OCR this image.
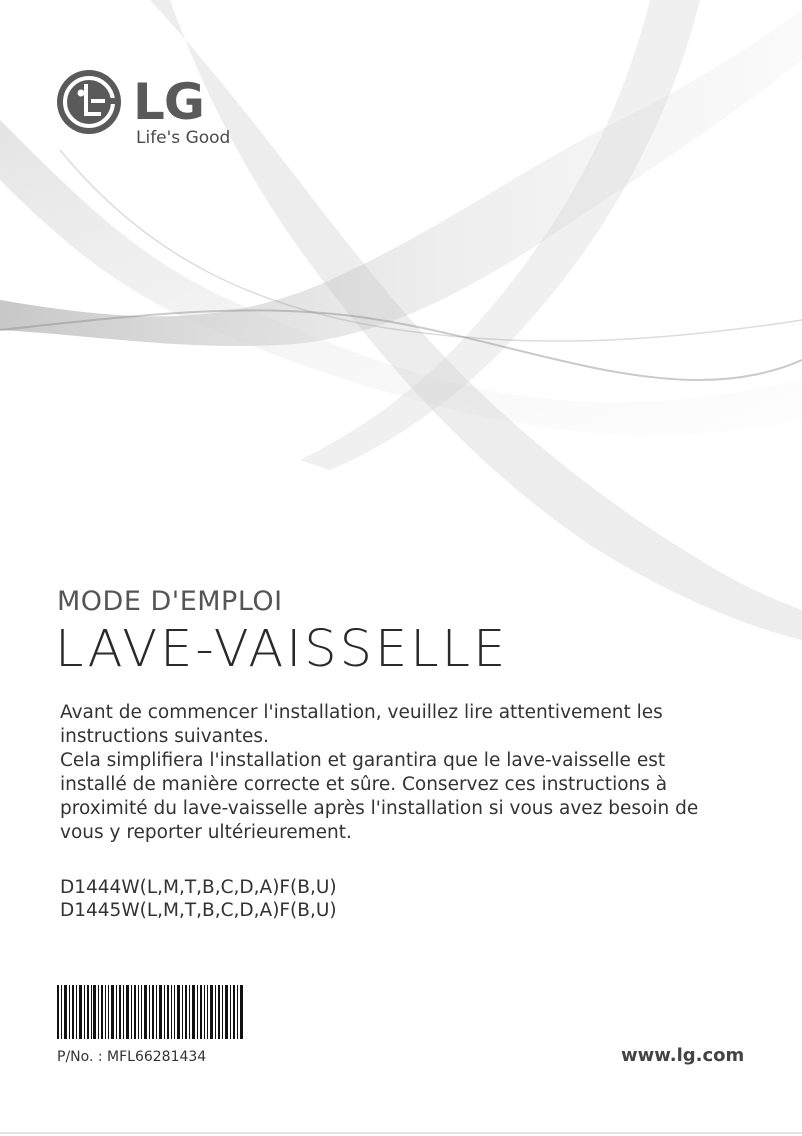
LG
Life's Good
MODE D'EMPLOI
LAVE-VAISSELLE

Avant de commencer l'installation, veuillez lire attentivement les instructions suivantes.

Cela simplifiera l'installation et garantira que le lave-vaisselle est installé de manière correcte et sûre. Conservez ces instructions à proximité du lave-vaisselle après l'installation si vous avez besoin de vous y reporter ultérieurement.

D1444W(L,M,T,B,C,D,A)F(B,U)
D1445W(L,M,T,B,C,D,A)F(B,U)
P/No. : MFL66281434	www.lg.com
